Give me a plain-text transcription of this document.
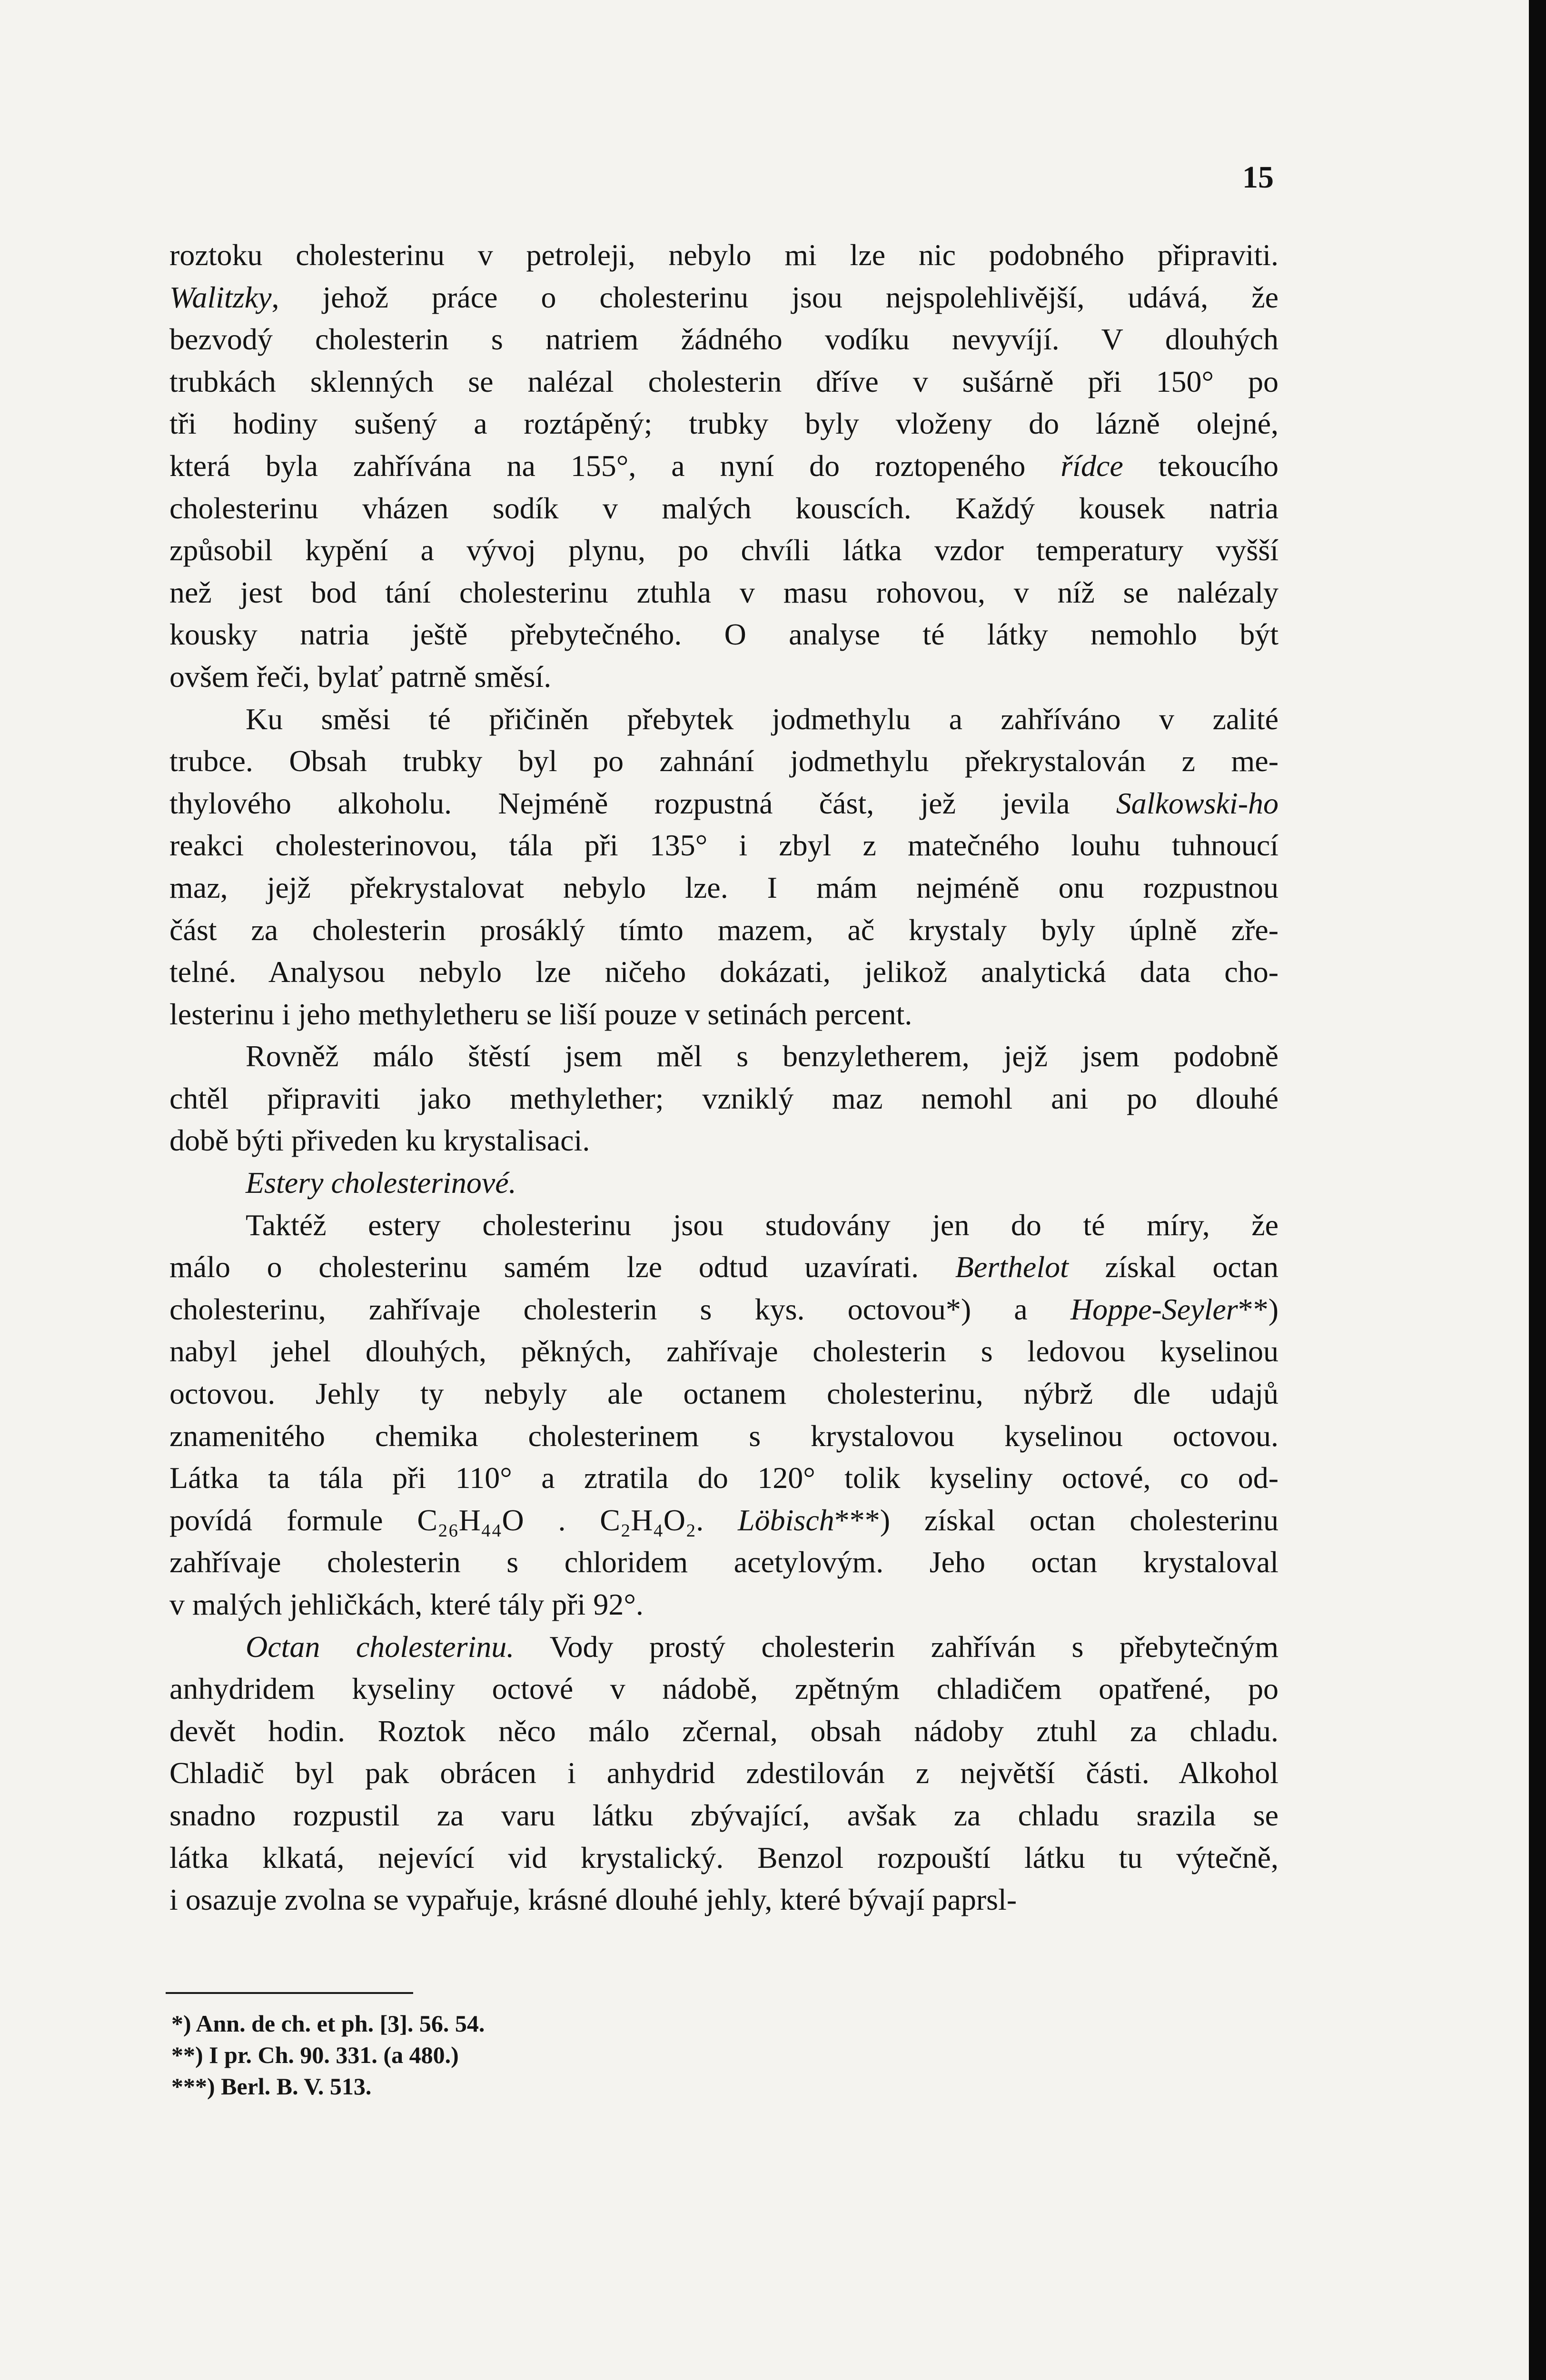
15
roztoku cholesterinu v petroleji, nebylo mi lze nic podobného připraviti.
Walitzky, jehož práce o cholesterinu jsou nejspolehlivější, udává, že
bezvodý cholesterin s natriem žádného vodíku nevyvíjí. V dlouhých
trubkách sklenných se nalézal cholesterin dříve v sušárně při 150° po
tři hodiny sušený a roztápěný; trubky byly vloženy do lázně olejné,
která byla zahřívána na 155°, a nyní do roztopeného řídce tekoucího
cholesterinu vházen sodík v malých kouscích. Každý kousek natria
způsobil kypění a vývoj plynu, po chvíli látka vzdor temperatury vyšší
než jest bod tání cholesterinu ztuhla v masu rohovou, v níž se nalézaly
kousky natria ještě přebytečného. O analyse té látky nemohlo být
ovšem řeči, bylať patrně směsí.
Ku směsi té přičiněn přebytek jodmethylu a zahříváno v zalité
trubce. Obsah trubky byl po zahnání jodmethylu překrystalován z me-
thylového alkoholu. Nejméně rozpustná část, jež jevila Salkowski-ho
reakci cholesterinovou, tála při 135° i zbyl z matečného louhu tuhnoucí
maz, jejž překrystalovat nebylo lze. I mám nejméně onu rozpustnou
část za cholesterin prosáklý tímto mazem, ač krystaly byly úplně zře-
telné. Analysou nebylo lze ničeho dokázati, jelikož analytická data cho-
lesterinu i jeho methyletheru se liší pouze v setinách percent.
Rovněž málo štěstí jsem měl s benzyletherem, jejž jsem podobně
chtěl připraviti jako methylether; vzniklý maz nemohl ani po dlouhé
době býti přiveden ku krystalisaci.
Estery cholesterinové.
Taktéž estery cholesterinu jsou studovány jen do té míry, že
málo o cholesterinu samém lze odtud uzavírati. Berthelot získal octan
cholesterinu, zahřívaje cholesterin s kys. octovou*) a Hoppe-Seyler**)
nabyl jehel dlouhých, pěkných, zahřívaje cholesterin s ledovou kyselinou
octovou. Jehly ty nebyly ale octanem cholesterinu, nýbrž dle udajů
znamenitého chemika cholesterinem s krystalovou kyselinou octovou.
Látka ta tála při 110° a ztratila do 120° tolik kyseliny octové, co od-
povídá formule C₂₆H₄₄O . C₂H₄O₂. Löbisch***) získal octan cholesterinu
zahřívaje cholesterin s chloridem acetylovým. Jeho octan krystaloval
v malých jehličkách, které tály při 92°.
Octan cholesterinu. Vody prostý cholesterin zahříván s přebytečným
anhydridem kyseliny octové v nádobě, zpětným chladičem opatřené, po
devět hodin. Roztok něco málo zčernal, obsah nádoby ztuhl za chladu.
Chladič byl pak obrácen i anhydrid zdestilován z největší části. Alkohol
snadno rozpustil za varu látku zbývající, avšak za chladu srazila se
látka klkatá, nejevící vid krystalický. Benzol rozpouští látku tu výtečně,
i osazuje zvolna se vypařuje, krásné dlouhé jehly, které bývají paprsl-
*) Ann. de ch. et ph. [3]. 56. 54.
**) I pr. Ch. 90. 331. (a 480.)
***) Berl. B. V. 513.
